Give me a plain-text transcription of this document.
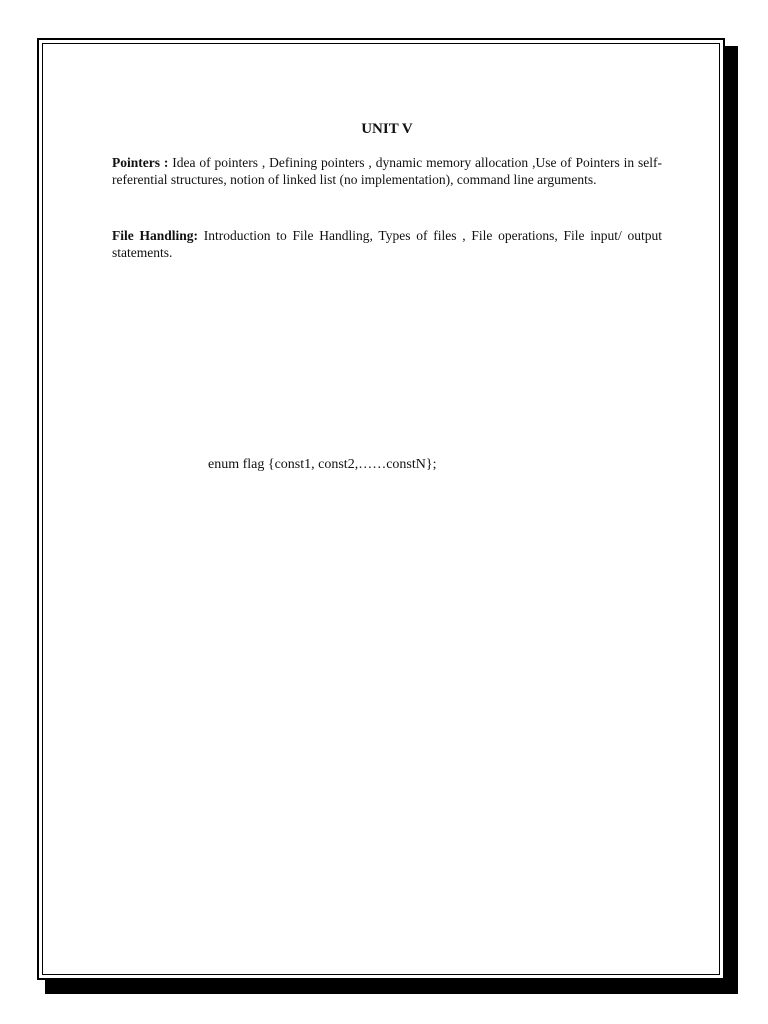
UNIT V

Pointers : Idea of pointers , Defining pointers , dynamic memory allocation ,Use of Pointers in self-referential structures, notion of linked list (no implementation), command line arguments.

File Handling: Introduction to File Handling, Types of files , File operations, File input/ output statements.

enum flag {const1, const2,……constN};
